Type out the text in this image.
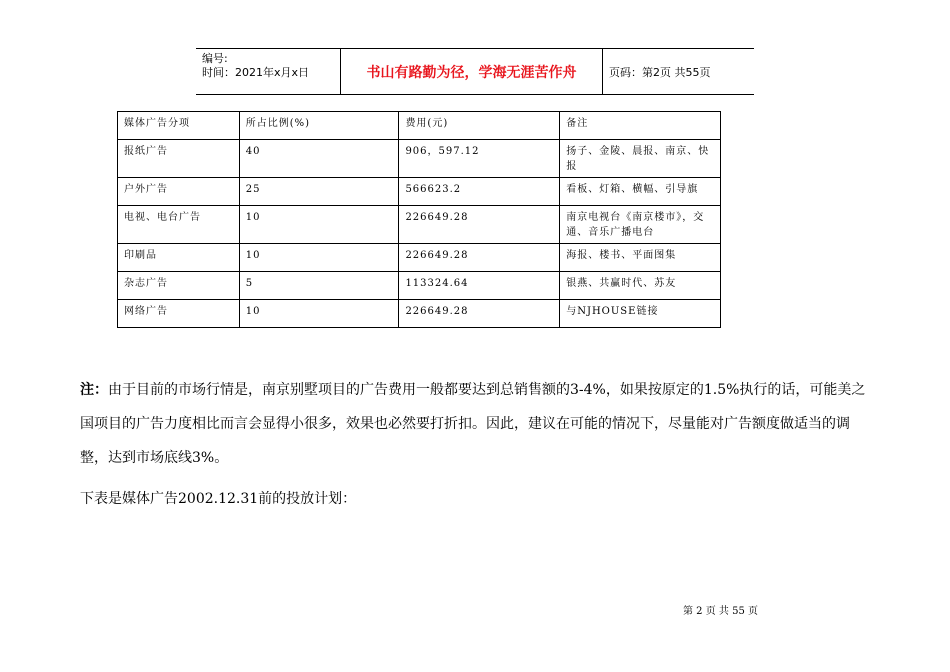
编号:
时间：2021年x月x日	书山有路勤为径，学海无涯苦作舟	页码：第2页 共55页
媒体广告分项	所占比例(%)	费用(元)	备注
报纸广告	40	906，597.12	扬子、金陵、晨报、南京、快报
户外广告	25	566623.2	看板、灯箱、横幅、引导旗
电视、电台广告	10	226649.28	南京电视台《南京楼市》，交通、音乐广播电台
印刷品	10	226649.28	海报、楼书、平面图集
杂志广告	5	113324.64	银燕、共赢时代、苏友
网络广告	10	226649.28	与NJHOUSE链接
注：由于目前的市场行情是，南京别墅项目的广告费用一般都要达到总销售额的3-4%，如果按原定的1.5%执行的话，可能美之国项目的广告力度相比而言会显得小很多，效果也必然要打折扣。因此，建议在可能的情况下，尽量能对广告额度做适当的调整，达到市场底线3%。
下表是媒体广告2002.12.31前的投放计划：
第 2 页 共 55 页
